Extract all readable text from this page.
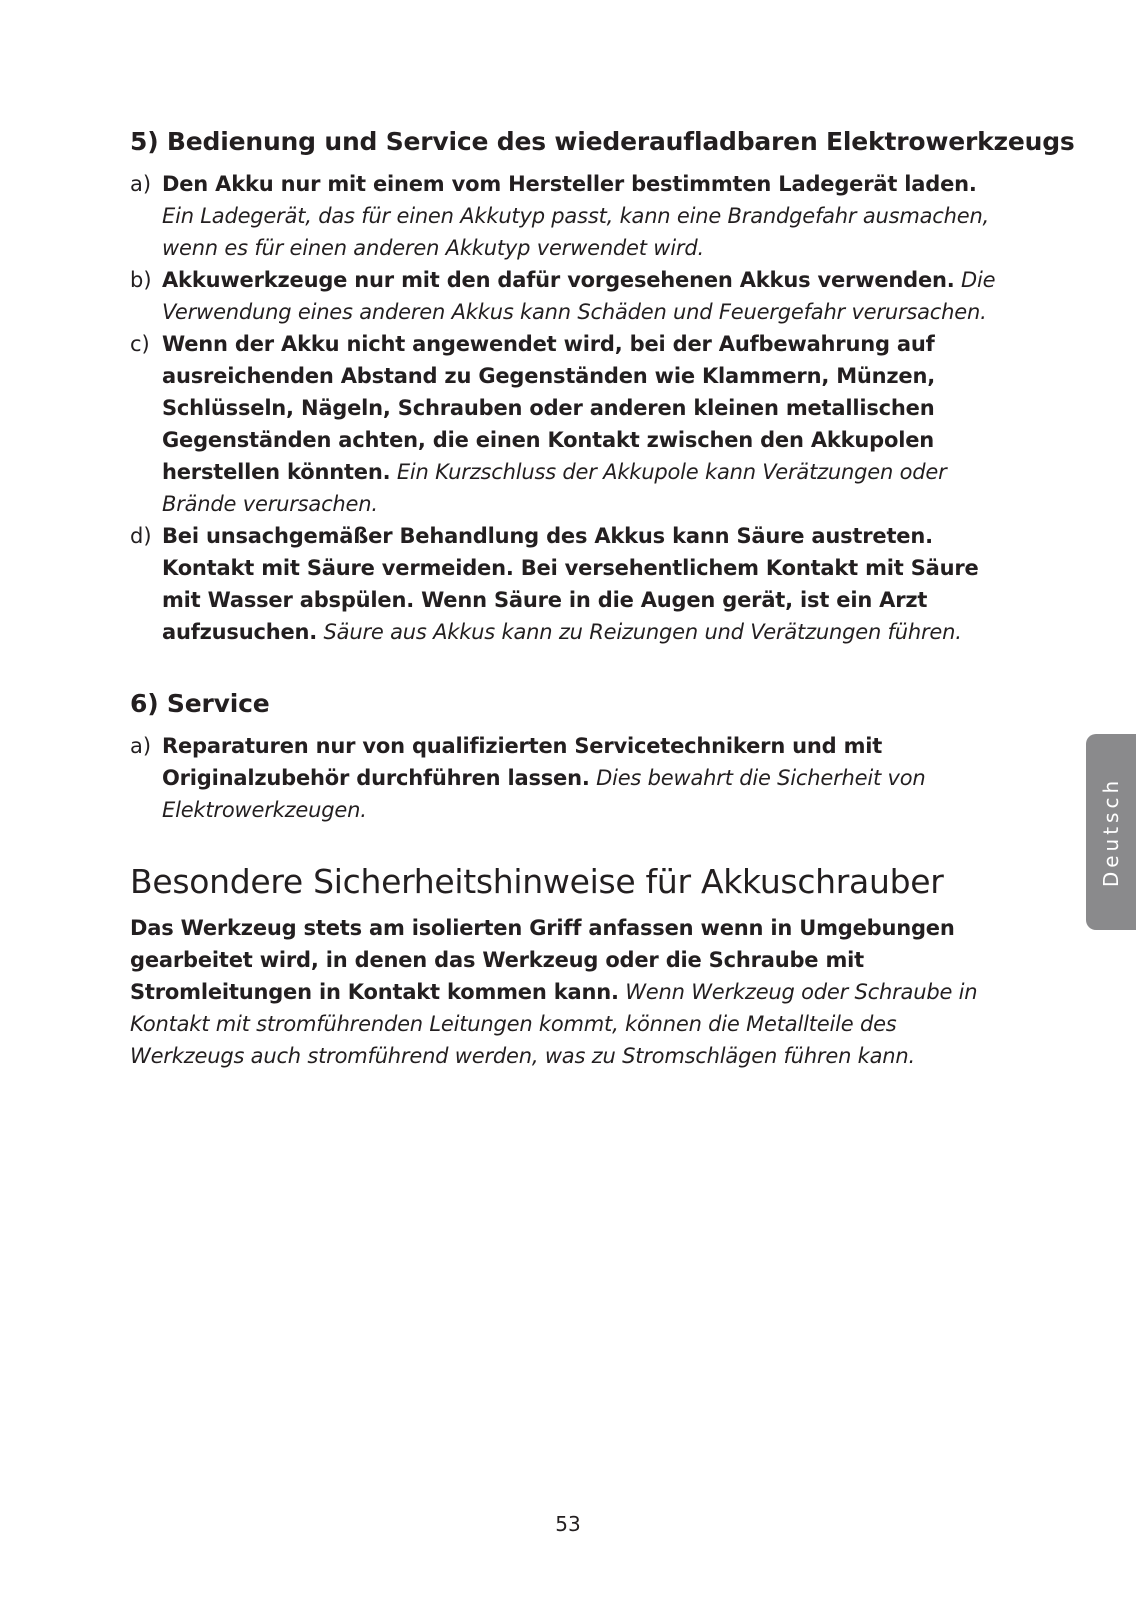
5) Bedienung und Service des wiederaufladbaren Elektrowerkzeugs
a) Den Akku nur mit einem vom Hersteller bestimmten Ladegerät laden. Ein Ladegerät, das für einen Akkutyp passt, kann eine Brandgefahr ausmachen, wenn es für einen anderen Akkutyp verwendet wird.

b) Akkuwerkzeuge nur mit den dafür vorgesehenen Akkus verwenden. Die Verwendung eines anderen Akkus kann Schäden und Feuergefahr verursachen.

c) Wenn der Akku nicht angewendet wird, bei der Aufbewahrung auf ausreichenden Abstand zu Gegenständen wie Klammern, Münzen, Schlüsseln, Nägeln, Schrauben oder anderen kleinen metallischen Gegenständen achten, die einen Kontakt zwischen den Akkupolen herstellen könnten. Ein Kurzschluss der Akkupole kann Verätzungen oder Brände verursachen.

d) Bei unsachgemäßer Behandlung des Akkus kann Säure austreten. Kontakt mit Säure vermeiden. Bei versehentlichem Kontakt mit Säure mit Wasser abspülen. Wenn Säure in die Augen gerät, ist ein Arzt aufzusuchen. Säure aus Akkus kann zu Reizungen und Verätzungen führen.

6) Service
a) Reparaturen nur von qualifizierten Servicetechnikern und mit Originalzubehör durchführen lassen. Dies bewahrt die Sicherheit von Elektrowerkzeugen.

Besondere Sicherheitshinweise für Akkuschrauber

Das Werkzeug stets am isolierten Griff anfassen wenn in Umgebungen gearbeitet wird, in denen das Werkzeug oder die Schraube mit Stromleitungen in Kontakt kommen kann. Wenn Werkzeug oder Schraube in Kontakt mit stromführenden Leitungen kommt, können die Metallteile des Werkzeugs auch stromführend werden, was zu Stromschlägen führen kann.

Deutsch
53
